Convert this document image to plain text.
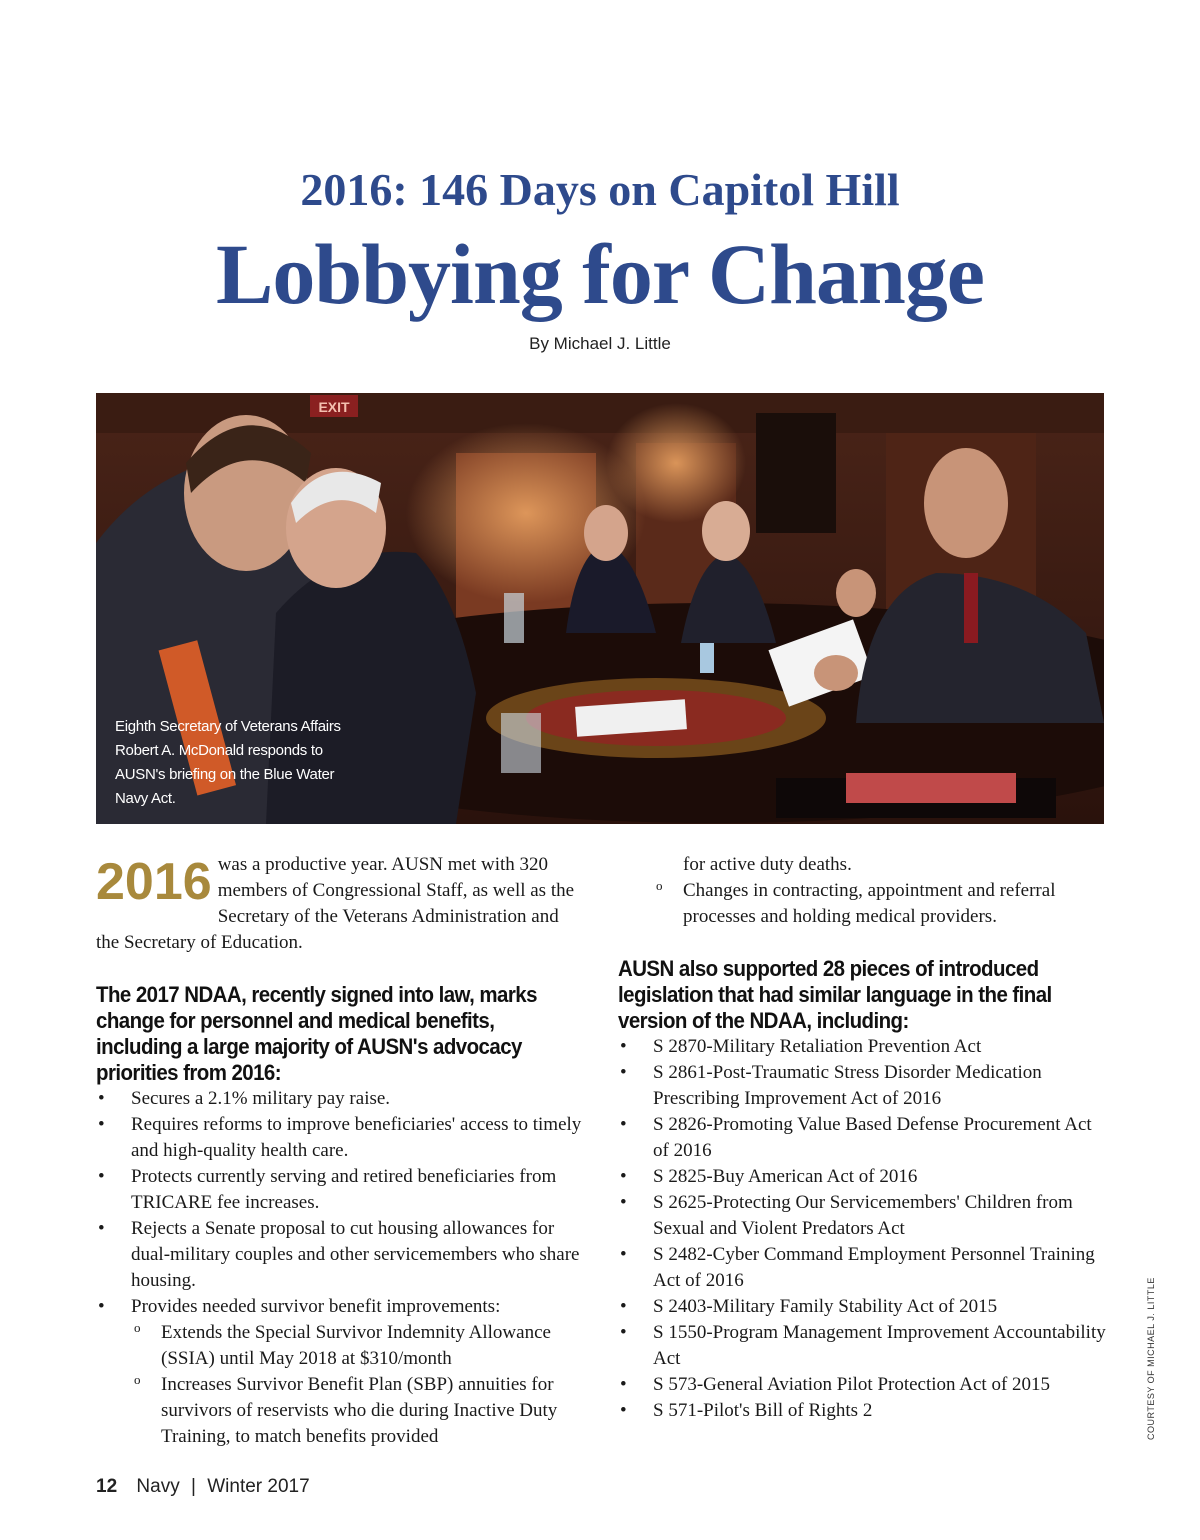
2016: 146 Days on Capitol Hill
Lobbying for Change
By Michael J. Little
EXIT
Eighth Secretary of Veterans Affairs Robert A. McDonald responds to AUSN's briefing on the Blue Water Navy Act.

2016 was a productive year. AUSN met with 320 members of Congressional Staff, as well as the Secretary of the Veterans Administration and the Secretary of Education.

The 2017 NDAA, recently signed into law, marks change for personnel and medical benefits, including a large majority of AUSN's advocacy priorities from 2016:

• Secures a 2.1% military pay raise.
• Requires reforms to improve beneficiaries' access to timely and high-quality health care.
• Protects currently serving and retired beneficiaries from TRICARE fee increases.
• Rejects a Senate proposal to cut housing allowances for dual-military couples and other servicemembers who share housing.
• Provides needed survivor benefit improvements:
o Extends the Special Survivor Indemnity Allowance (SSIA) until May 2018 at $310/month
o Increases Survivor Benefit Plan (SBP) annuities for survivors of reservists who die during Inactive Duty Training, to match benefits provided
for active duty deaths.
o Changes in contracting, appointment and referral processes and holding medical providers.

AUSN also supported 28 pieces of introduced legislation that had similar language in the final version of the NDAA, including:

• S 2870-Military Retaliation Prevention Act
• S 2861-Post-Traumatic Stress Disorder Medication Prescribing Improvement Act of 2016
• S 2826-Promoting Value Based Defense Procurement Act of 2016
• S 2825-Buy American Act of 2016
• S 2625-Protecting Our Servicemembers' Children from Sexual and Violent Predators Act
• S 2482-Cyber Command Employment Personnel Training Act of 2016
• S 2403-Military Family Stability Act of 2015
• S 1550-Program Management Improvement Accountability Act
• S 573-General Aviation Pilot Protection Act of 2015
• S 571-Pilot's Bill of Rights 2	COURTESY OF MICHAEL J. LITTLE
12 Navy | Winter 2017
